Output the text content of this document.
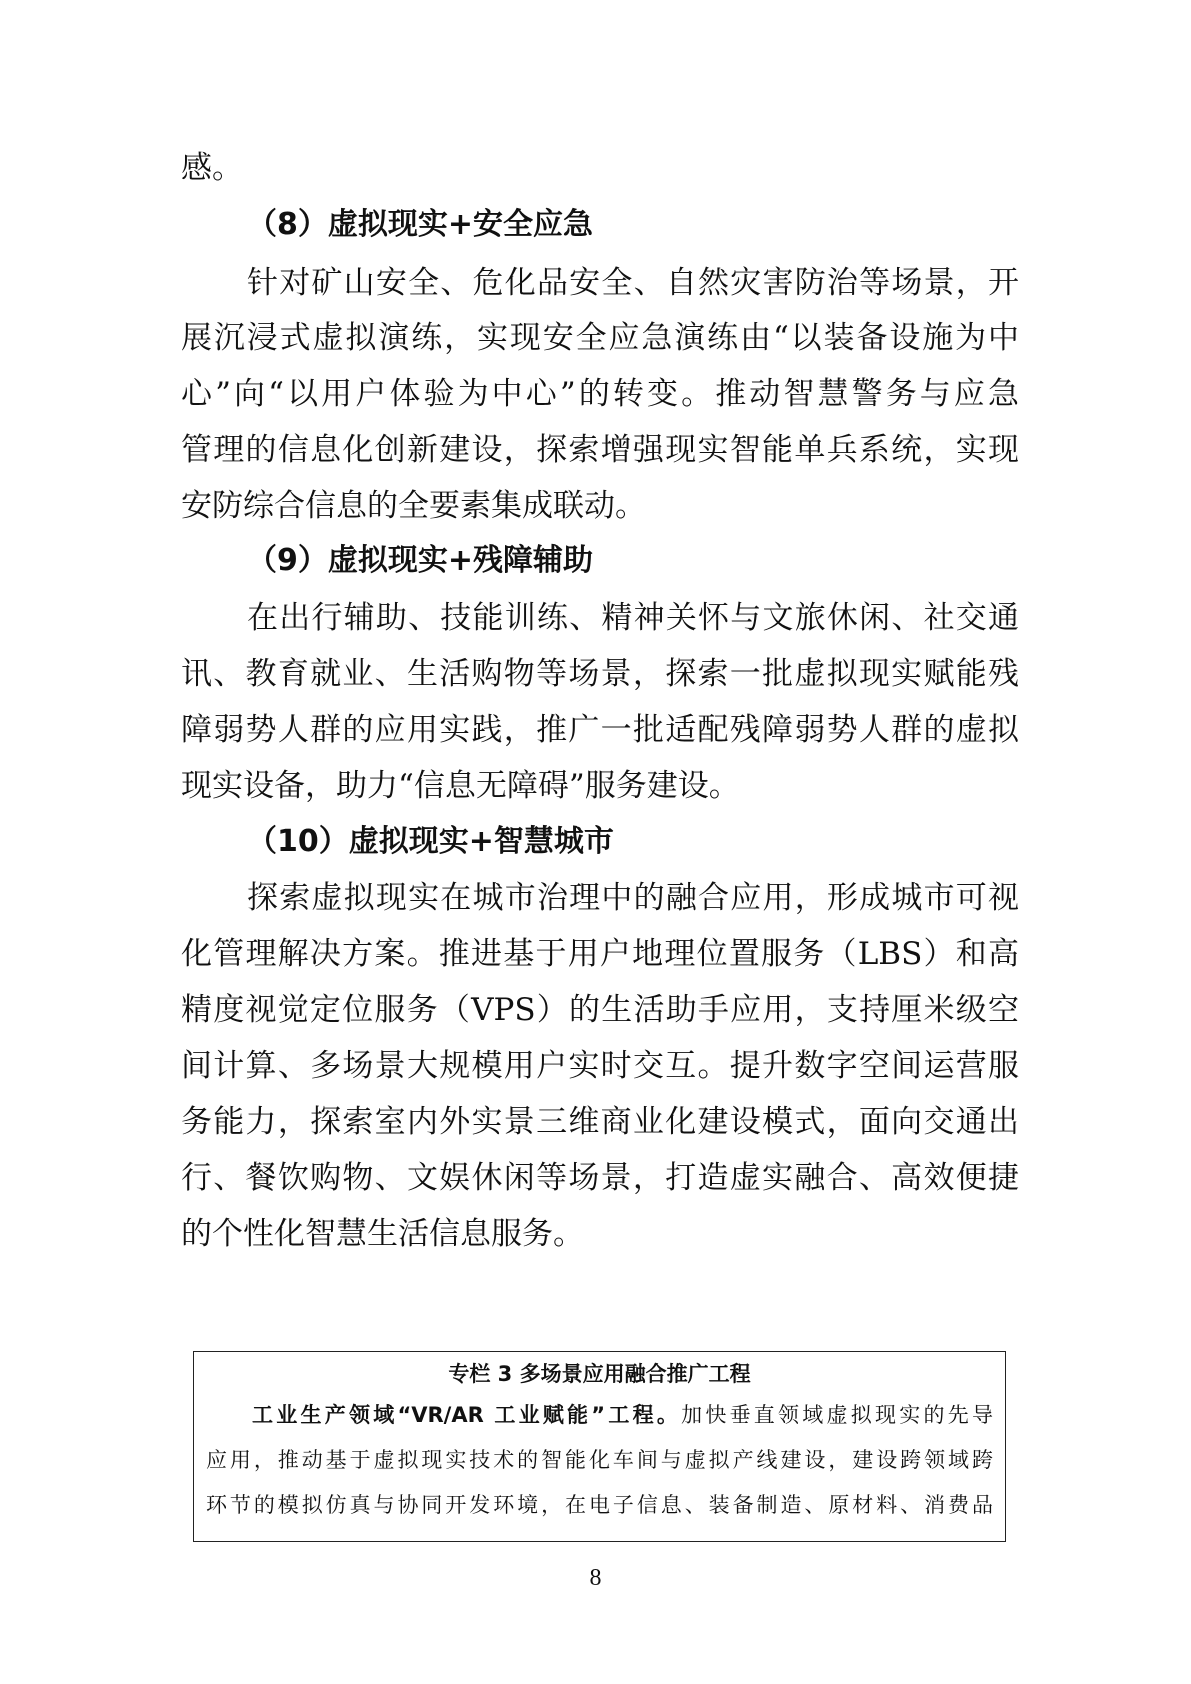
感。
（8）虚拟现实+安全应急
针对矿山安全、危化品安全、自然灾害防治等场景，开
展沉浸式虚拟演练，实现安全应急演练由“以装备设施为中
心”向“以用户体验为中心”的转变。推动智慧警务与应急
管理的信息化创新建设，探索增强现实智能单兵系统，实现
安防综合信息的全要素集成联动。
（9）虚拟现实+残障辅助
在出行辅助、技能训练、精神关怀与文旅休闲、社交通
讯、教育就业、生活购物等场景，探索一批虚拟现实赋能残
障弱势人群的应用实践，推广一批适配残障弱势人群的虚拟
现实设备，助力“信息无障碍”服务建设。
（10）虚拟现实+智慧城市
探索虚拟现实在城市治理中的融合应用，形成城市可视
化管理解决方案。推进基于用户地理位置服务（LBS）和高
精度视觉定位服务（VPS）的生活助手应用，支持厘米级空
间计算、多场景大规模用户实时交互。提升数字空间运营服
务能力，探索室内外实景三维商业化建设模式，面向交通出
行、餐饮购物、文娱休闲等场景，打造虚实融合、高效便捷
的个性化智慧生活信息服务。
专栏 3 多场景应用融合推广工程
工业生产领域“VR/AR 工业赋能”工程。加快垂直领域虚拟现实的先导
应用，推动基于虚拟现实技术的智能化车间与虚拟产线建设，建设跨领域跨
环节的模拟仿真与协同开发环境，在电子信息、装备制造、原材料、消费品
8
